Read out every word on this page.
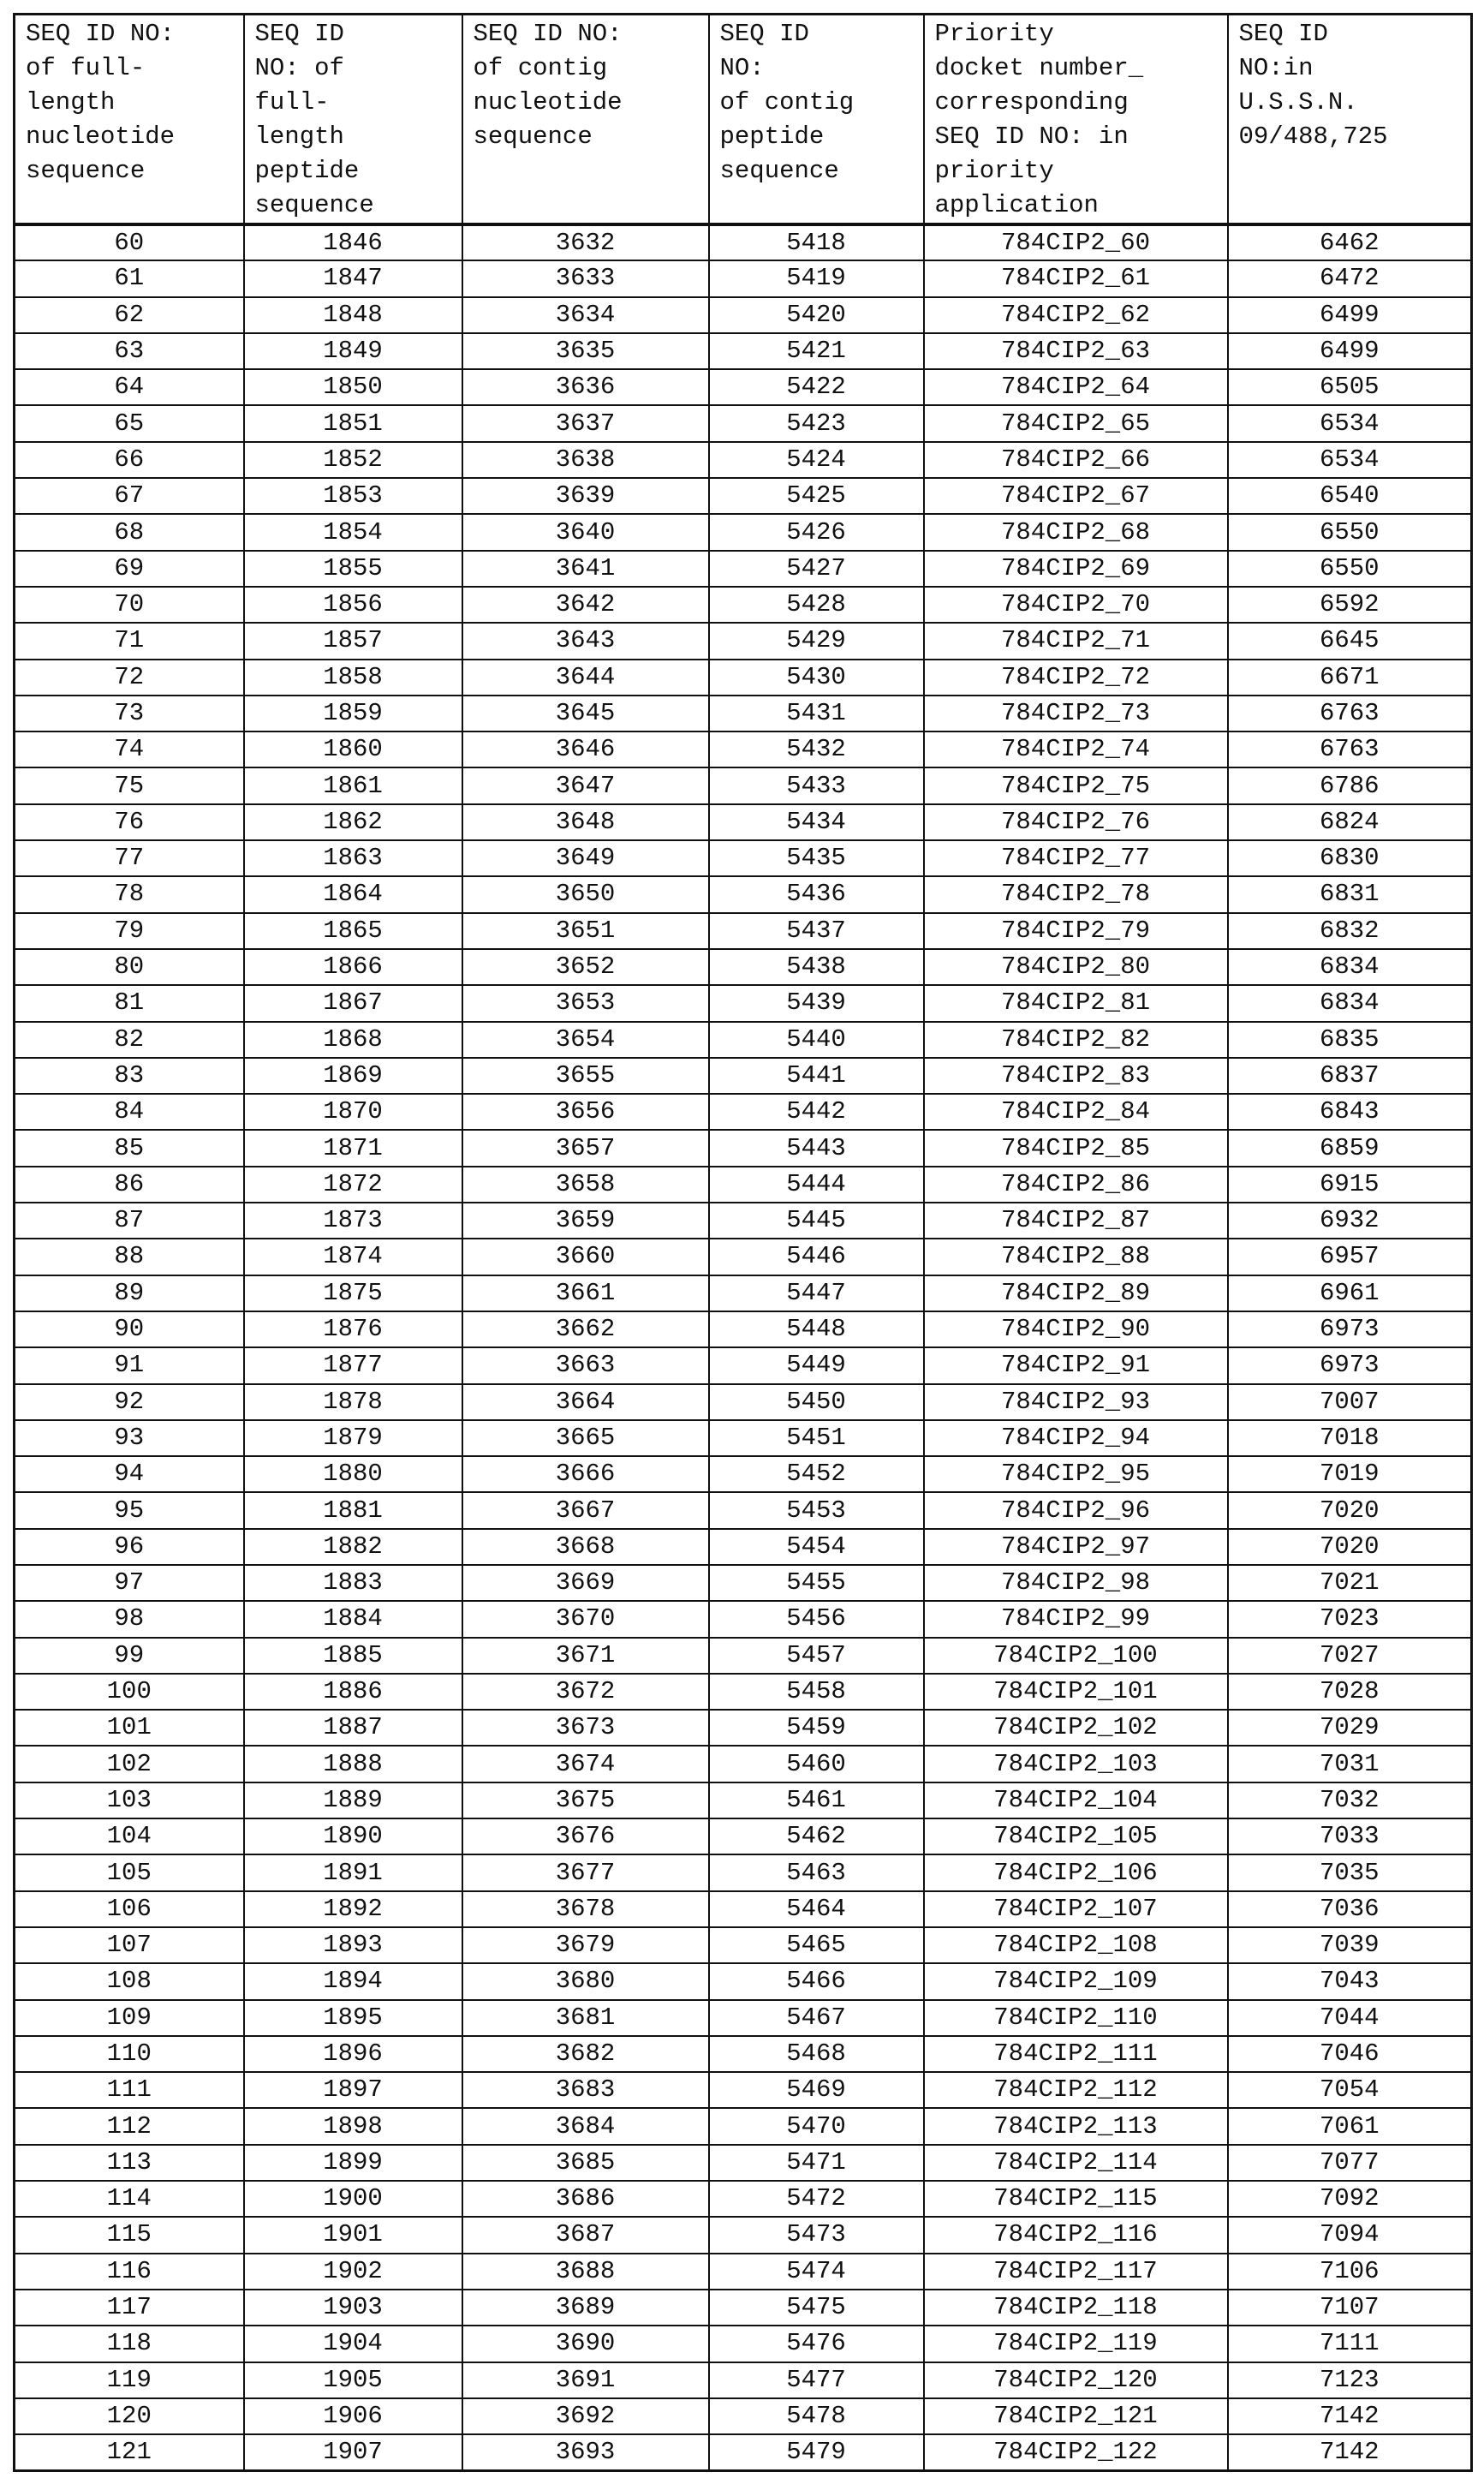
SEQ ID NO:
of full-
length
nucleotide
sequence	SEQ ID
NO: of
full-
length
peptide
sequence	SEQ ID NO:
of contig
nucleotide
sequence	SEQ ID
NO:
of contig
peptide
sequence	Priority
docket number_
corresponding
SEQ ID NO: in
priority
application	SEQ ID
NO:in
U.S.S.N.
09/488,725
60	1846	3632	5418	784CIP2_60	6462
61	1847	3633	5419	784CIP2_61	6472
62	1848	3634	5420	784CIP2_62	6499
63	1849	3635	5421	784CIP2_63	6499
64	1850	3636	5422	784CIP2_64	6505
65	1851	3637	5423	784CIP2_65	6534
66	1852	3638	5424	784CIP2_66	6534
67	1853	3639	5425	784CIP2_67	6540
68	1854	3640	5426	784CIP2_68	6550
69	1855	3641	5427	784CIP2_69	6550
70	1856	3642	5428	784CIP2_70	6592
71	1857	3643	5429	784CIP2_71	6645
72	1858	3644	5430	784CIP2_72	6671
73	1859	3645	5431	784CIP2_73	6763
74	1860	3646	5432	784CIP2_74	6763
75	1861	3647	5433	784CIP2_75	6786
76	1862	3648	5434	784CIP2_76	6824
77	1863	3649	5435	784CIP2_77	6830
78	1864	3650	5436	784CIP2_78	6831
79	1865	3651	5437	784CIP2_79	6832
80	1866	3652	5438	784CIP2_80	6834
81	1867	3653	5439	784CIP2_81	6834
82	1868	3654	5440	784CIP2_82	6835
83	1869	3655	5441	784CIP2_83	6837
84	1870	3656	5442	784CIP2_84	6843
85	1871	3657	5443	784CIP2_85	6859
86	1872	3658	5444	784CIP2_86	6915
87	1873	3659	5445	784CIP2_87	6932
88	1874	3660	5446	784CIP2_88	6957
89	1875	3661	5447	784CIP2_89	6961
90	1876	3662	5448	784CIP2_90	6973
91	1877	3663	5449	784CIP2_91	6973
92	1878	3664	5450	784CIP2_93	7007
93	1879	3665	5451	784CIP2_94	7018
94	1880	3666	5452	784CIP2_95	7019
95	1881	3667	5453	784CIP2_96	7020
96	1882	3668	5454	784CIP2_97	7020
97	1883	3669	5455	784CIP2_98	7021
98	1884	3670	5456	784CIP2_99	7023
99	1885	3671	5457	784CIP2_100	7027
100	1886	3672	5458	784CIP2_101	7028
101	1887	3673	5459	784CIP2_102	7029
102	1888	3674	5460	784CIP2_103	7031
103	1889	3675	5461	784CIP2_104	7032
104	1890	3676	5462	784CIP2_105	7033
105	1891	3677	5463	784CIP2_106	7035
106	1892	3678	5464	784CIP2_107	7036
107	1893	3679	5465	784CIP2_108	7039
108	1894	3680	5466	784CIP2_109	7043
109	1895	3681	5467	784CIP2_110	7044
110	1896	3682	5468	784CIP2_111	7046
111	1897	3683	5469	784CIP2_112	7054
112	1898	3684	5470	784CIP2_113	7061
113	1899	3685	5471	784CIP2_114	7077
114	1900	3686	5472	784CIP2_115	7092
115	1901	3687	5473	784CIP2_116	7094
116	1902	3688	5474	784CIP2_117	7106
117	1903	3689	5475	784CIP2_118	7107
118	1904	3690	5476	784CIP2_119	7111
119	1905	3691	5477	784CIP2_120	7123
120	1906	3692	5478	784CIP2_121	7142
121	1907	3693	5479	784CIP2_122	7142
